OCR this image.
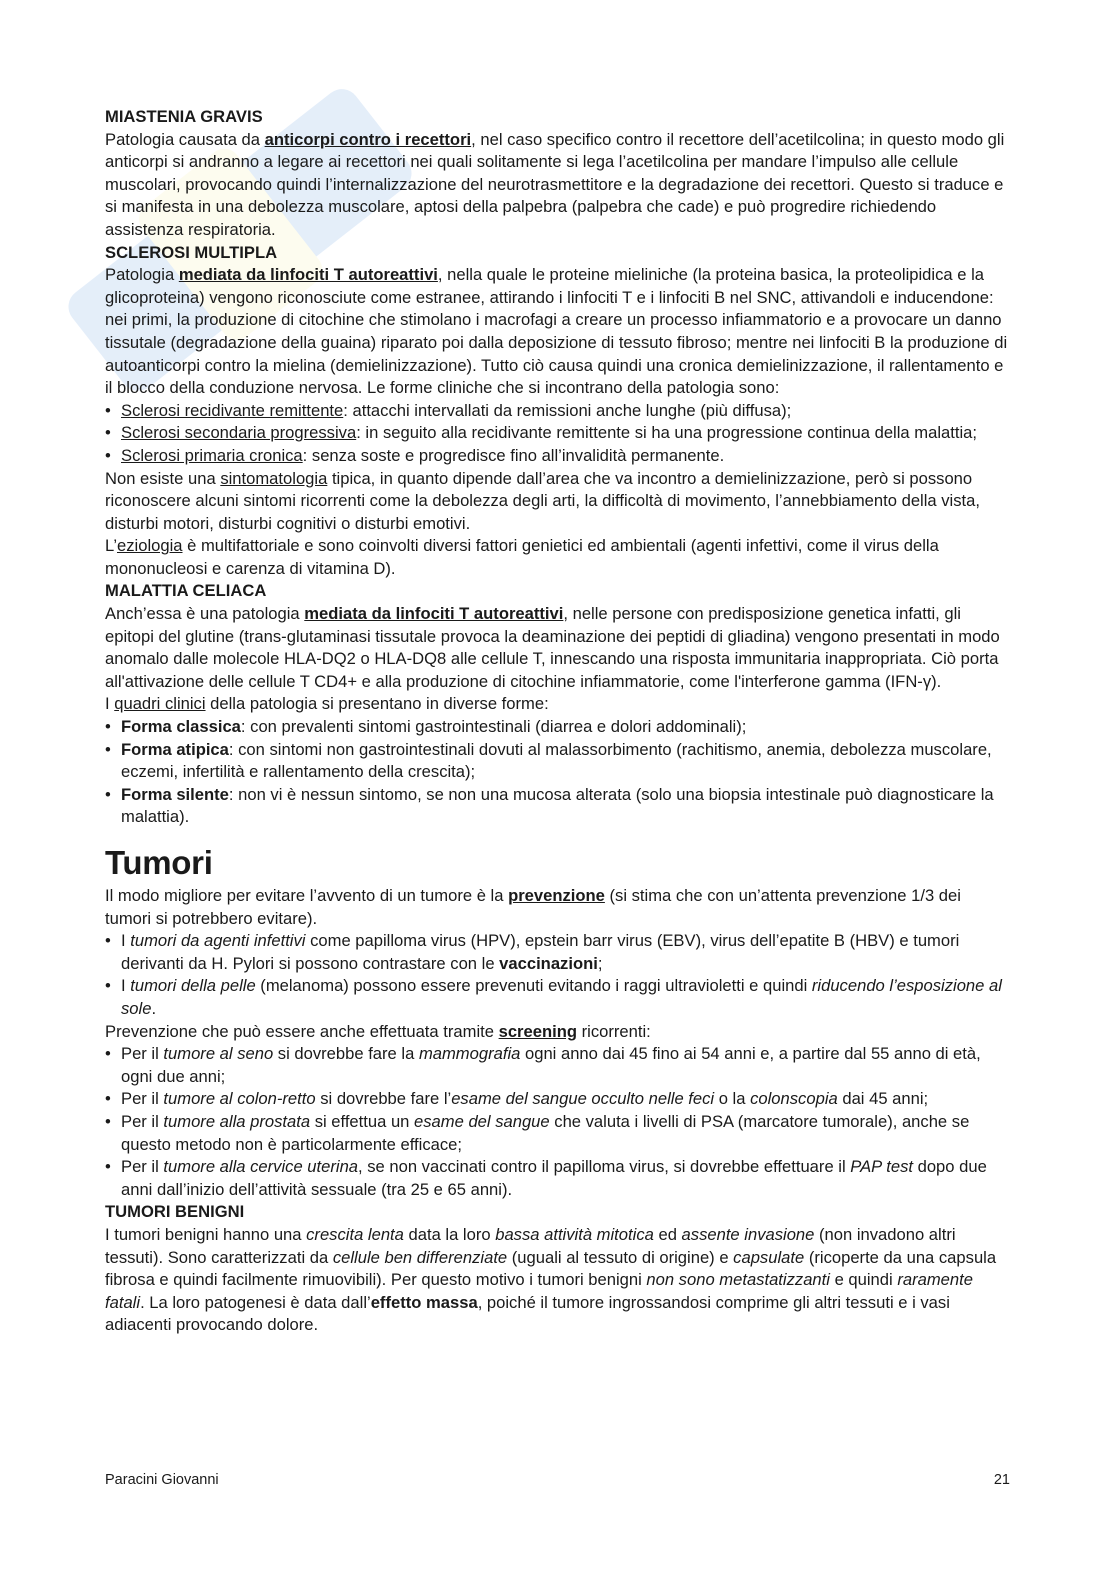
MIASTENIA GRAVIS

Patologia causata da anticorpi contro i recettori, nel caso specifico contro il recettore dell’acetilcolina; in questo modo gli anticorpi si andranno a legare ai recettori nei quali solitamente si lega l’acetilcolina per mandare l’impulso alle cellule muscolari, provocando quindi l’internalizzazione del neurotrasmettitore e la degradazione dei recettori. Questo si traduce e si manifesta in una debolezza muscolare, aptosi della palpebra (palpebra che cade) e può progredire richiedendo assistenza respiratoria.

SCLEROSI MULTIPLA

Patologia mediata da linfociti T autoreattivi, nella quale le proteine mieliniche (la proteina basica, la proteolipidica e la glicoproteina) vengono riconosciute come estranee, attirando i linfociti T e i linfociti B nel SNC, attivandoli e inducendone: nei primi, la produzione di citochine che stimolano i macrofagi a creare un processo infiammatorio e a provocare un danno tissutale (degradazione della guaina) riparato poi dalla deposizione di tessuto fibroso; mentre nei linfociti B la produzione di autoanticorpi contro la mielina (demielinizzazione). Tutto ciò causa quindi una cronica demielinizzazione, il rallentamento e il blocco della conduzione nervosa. Le forme cliniche che si incontrano della patologia sono:

• Sclerosi recidivante remittente: attacchi intervallati da remissioni anche lunghe (più diffusa);
• Sclerosi secondaria progressiva: in seguito alla recidivante remittente si ha una progressione continua della malattia;
• Sclerosi primaria cronica: senza soste e progredisce fino all’invalidità permanente.

Non esiste una sintomatologia tipica, in quanto dipende dall’area che va incontro a demielinizzazione, però si possono riconoscere alcuni sintomi ricorrenti come la debolezza degli arti, la difficoltà di movimento, l’annebbiamento della vista, disturbi motori, disturbi cognitivi o disturbi emotivi.

L’eziologia è multifattoriale e sono coinvolti diversi fattori genietici ed ambientali (agenti infettivi, come il virus della mononucleosi e carenza di vitamina D).

MALATTIA CELIACA

Anch’essa è una patologia mediata da linfociti T autoreattivi, nelle persone con predisposizione genetica infatti, gli epitopi del glutine (trans-glutaminasi tissutale provoca la deaminazione dei peptidi di gliadina) vengono presentati in modo anomalo dalle molecole HLA-DQ2 o HLA-DQ8 alle cellule T, innescando una risposta immunitaria inappropriata. Ciò porta all'attivazione delle cellule T CD4+ e alla produzione di citochine infiammatorie, come l'interferone gamma (IFN-γ).

I quadri clinici della patologia si presentano in diverse forme:

• Forma classica: con prevalenti sintomi gastrointestinali (diarrea e dolori addominali);
• Forma atipica: con sintomi non gastrointestinali dovuti al malassorbimento (rachitismo, anemia, debolezza muscolare, eczemi, infertilità e rallentamento della crescita);
• Forma silente: non vi è nessun sintomo, se non una mucosa alterata (solo una biopsia intestinale può diagnosticare la malattia).
Tumori

Il modo migliore per evitare l’avvento di un tumore è la prevenzione (si stima che con un’attenta prevenzione 1/3 dei tumori si potrebbero evitare).

• I tumori da agenti infettivi come papilloma virus (HPV), epstein barr virus (EBV), virus dell’epatite B (HBV) e tumori derivanti da H. Pylori si possono contrastare con le vaccinazioni;
• I tumori della pelle (melanoma) possono essere prevenuti evitando i raggi ultravioletti e quindi riducendo l’esposizione al sole.

Prevenzione che può essere anche effettuata tramite screening ricorrenti:

• Per il tumore al seno si dovrebbe fare la mammografia ogni anno dai 45 fino ai 54 anni e, a partire dal 55 anno di età, ogni due anni;
• Per il tumore al colon-retto si dovrebbe fare l’esame del sangue occulto nelle feci o la colonscopia dai 45 anni;
• Per il tumore alla prostata si effettua un esame del sangue che valuta i livelli di PSA (marcatore tumorale), anche se questo metodo non è particolarmente efficace;
• Per il tumore alla cervice uterina, se non vaccinati contro il papilloma virus, si dovrebbe effettuare il PAP test dopo due anni dall’inizio dell’attività sessuale (tra 25 e 65 anni).
TUMORI BENIGNI

I tumori benigni hanno una crescita lenta data la loro bassa attività mitotica ed assente invasione (non invadono altri tessuti). Sono caratterizzati da cellule ben differenziate (uguali al tessuto di origine) e capsulate (ricoperte da una capsula fibrosa e quindi facilmente rimuovibili). Per questo motivo i tumori benigni non sono metastatizzanti e quindi raramente fatali. La loro patogenesi è data dall’effetto massa, poiché il tumore ingrossandosi comprime gli altri tessuti e i vasi adiacenti provocando dolore.

Paracini Giovanni	21
